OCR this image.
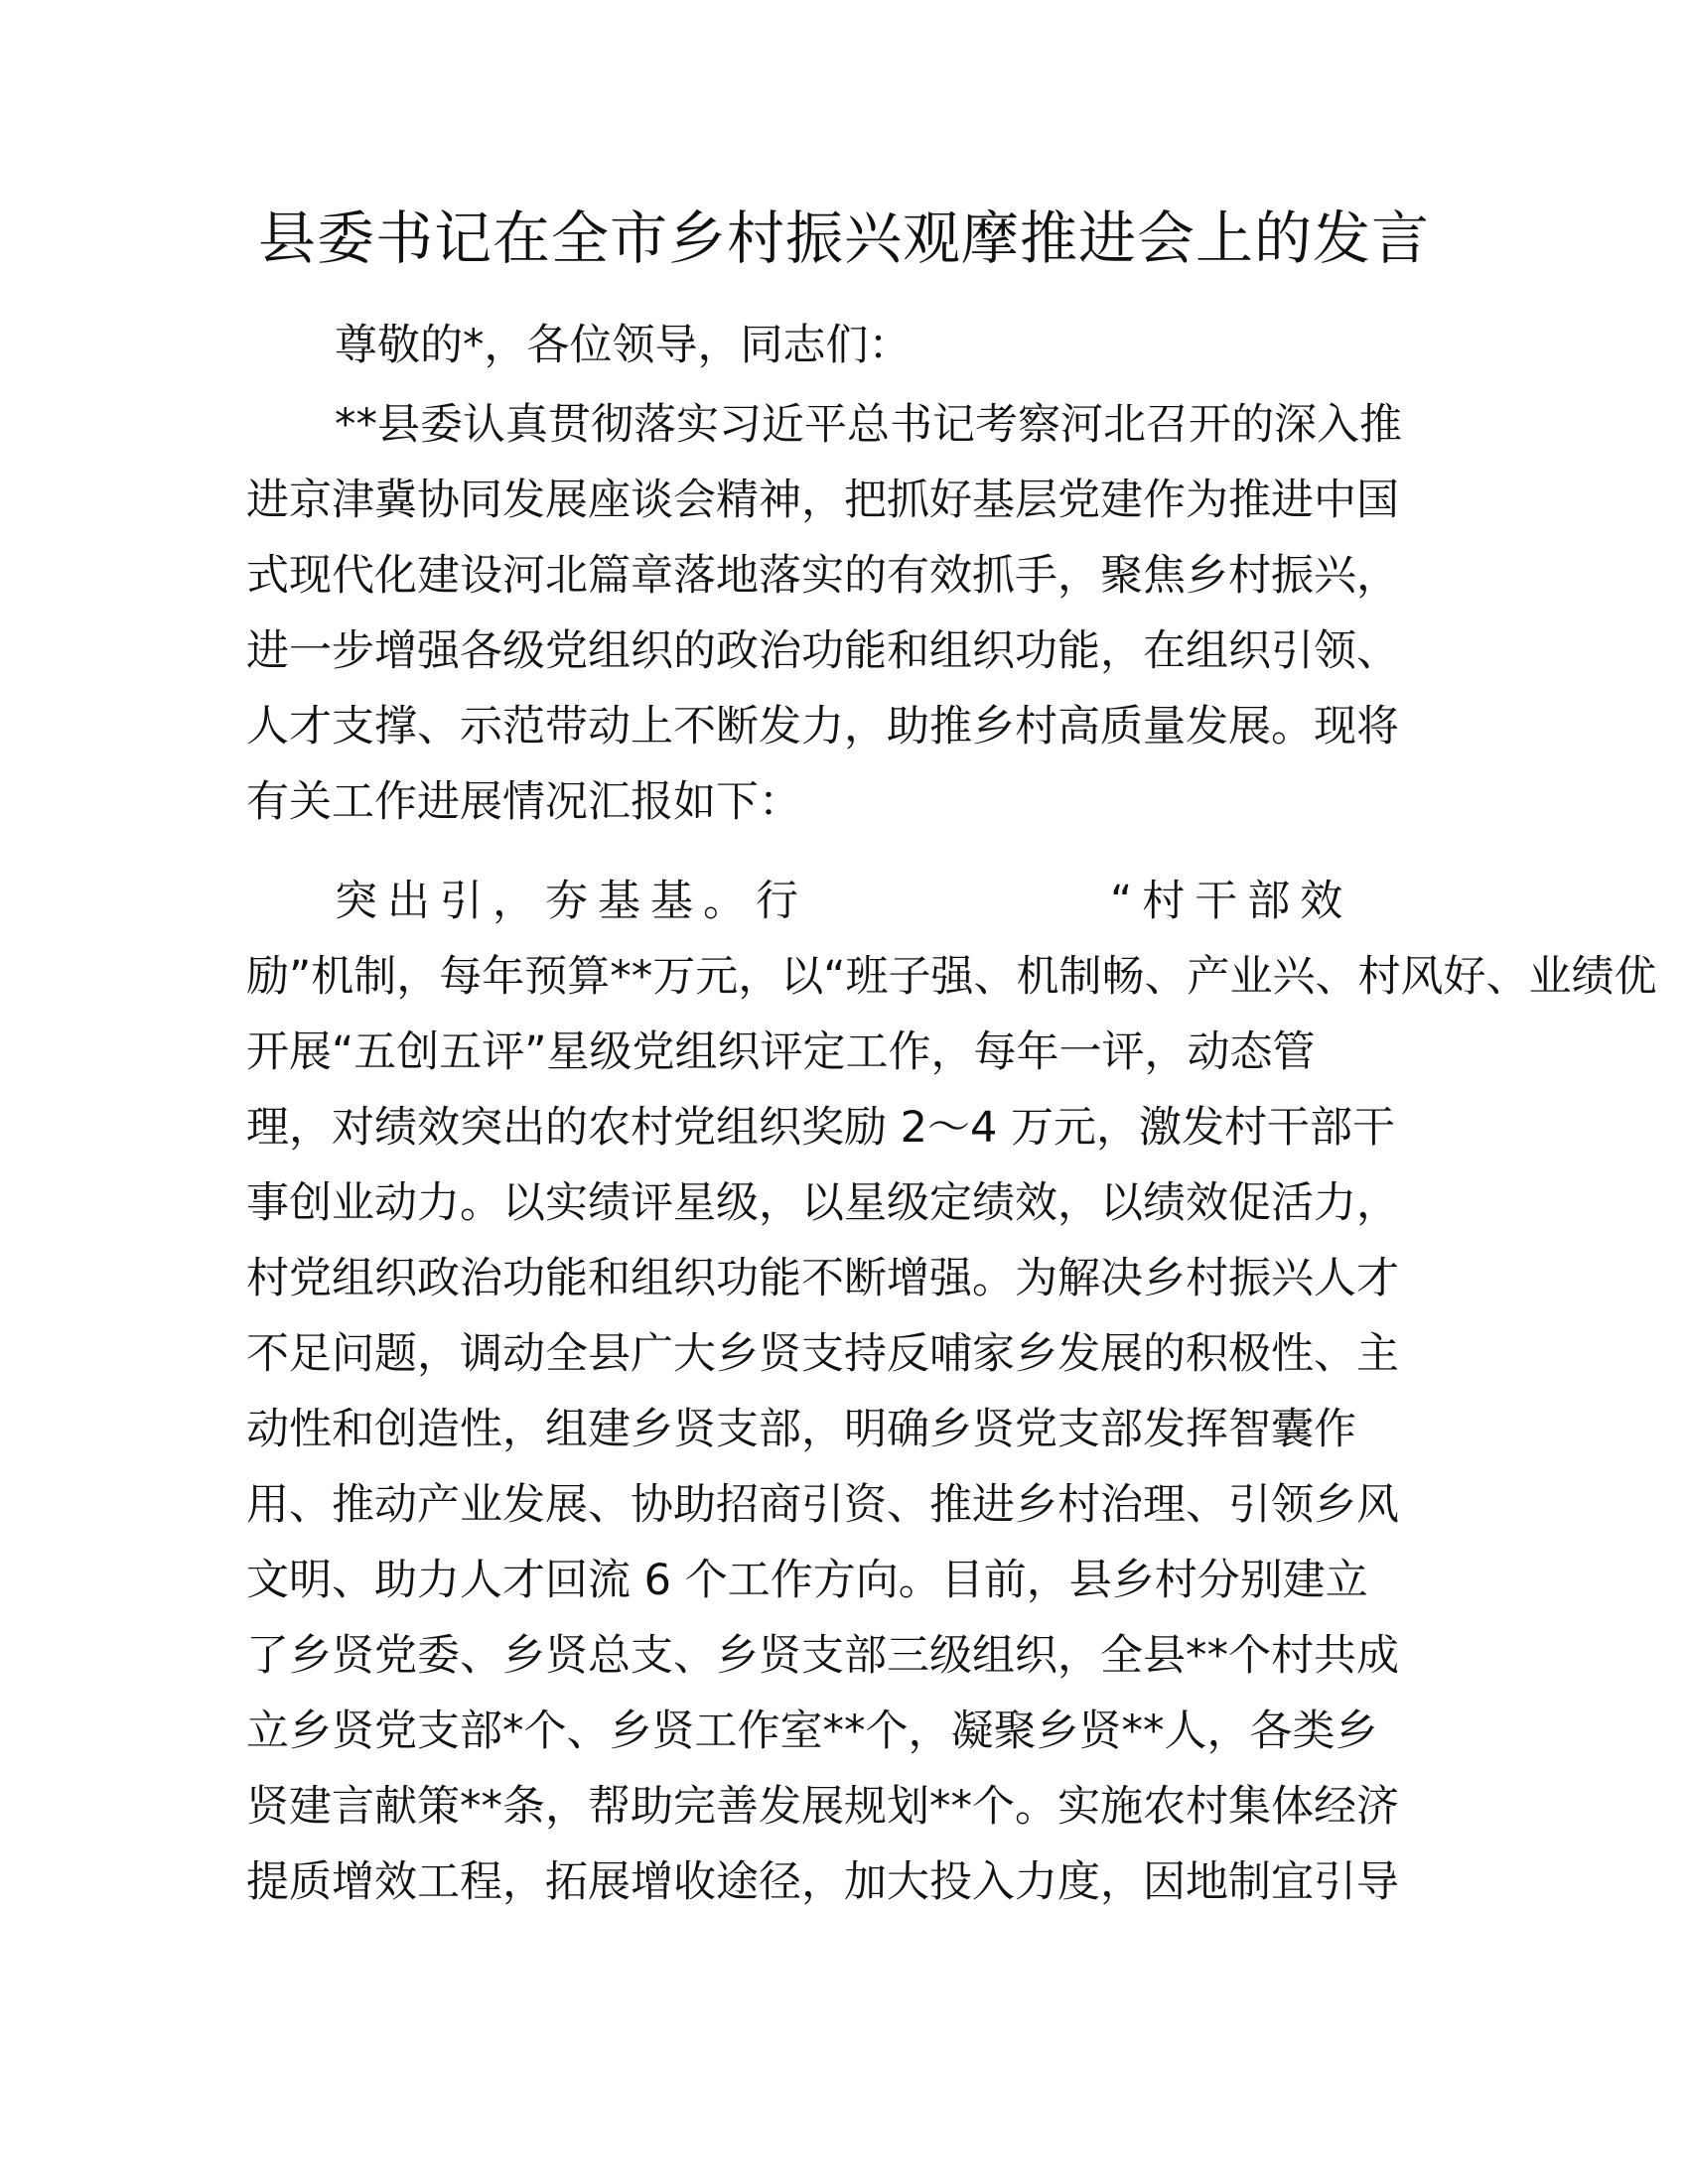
县委书记在全市乡村振兴观摩推进会上的发言

尊敬的*，各位领导，同志们：

**县委认真贯彻落实习近平总书记考察河北召开的深入推

进京津冀协同发展座谈会精神，把抓好基层党建作为推进中国

式现代化建设河北篇章落地落实的有效抓手，聚焦乡村振兴，

进一步增强各级党组织的政治功能和组织功能，在组织引领、

人才支撑、示范带动上不断发力，助推乡村高质量发展。现将

有关工作进展情况汇报如下：

突出引，夯基基。行	“村干部效

励”机制，每年预算**万元，以“班子强、机制畅、产业兴、村风好、业绩优

开展“五创五评”星级党组织评定工作，每年一评，动态管

理，对绩效突出的农村党组织奖励 2～4 万元，激发村干部干

事创业动力。以实绩评星级，以星级定绩效，以绩效促活力，

村党组织政治功能和组织功能不断增强。为解决乡村振兴人才

不足问题，调动全县广大乡贤支持反哺家乡发展的积极性、主

动性和创造性，组建乡贤支部，明确乡贤党支部发挥智囊作

用、推动产业发展、协助招商引资、推进乡村治理、引领乡风

文明、助力人才回流 6 个工作方向。目前，县乡村分别建立

了乡贤党委、乡贤总支、乡贤支部三级组织，全县**个村共成

立乡贤党支部*个、乡贤工作室**个，凝聚乡贤**人，各类乡

贤建言献策**条，帮助完善发展规划**个。实施农村集体经济

提质增效工程，拓展增收途径，加大投入力度，因地制宜引导
